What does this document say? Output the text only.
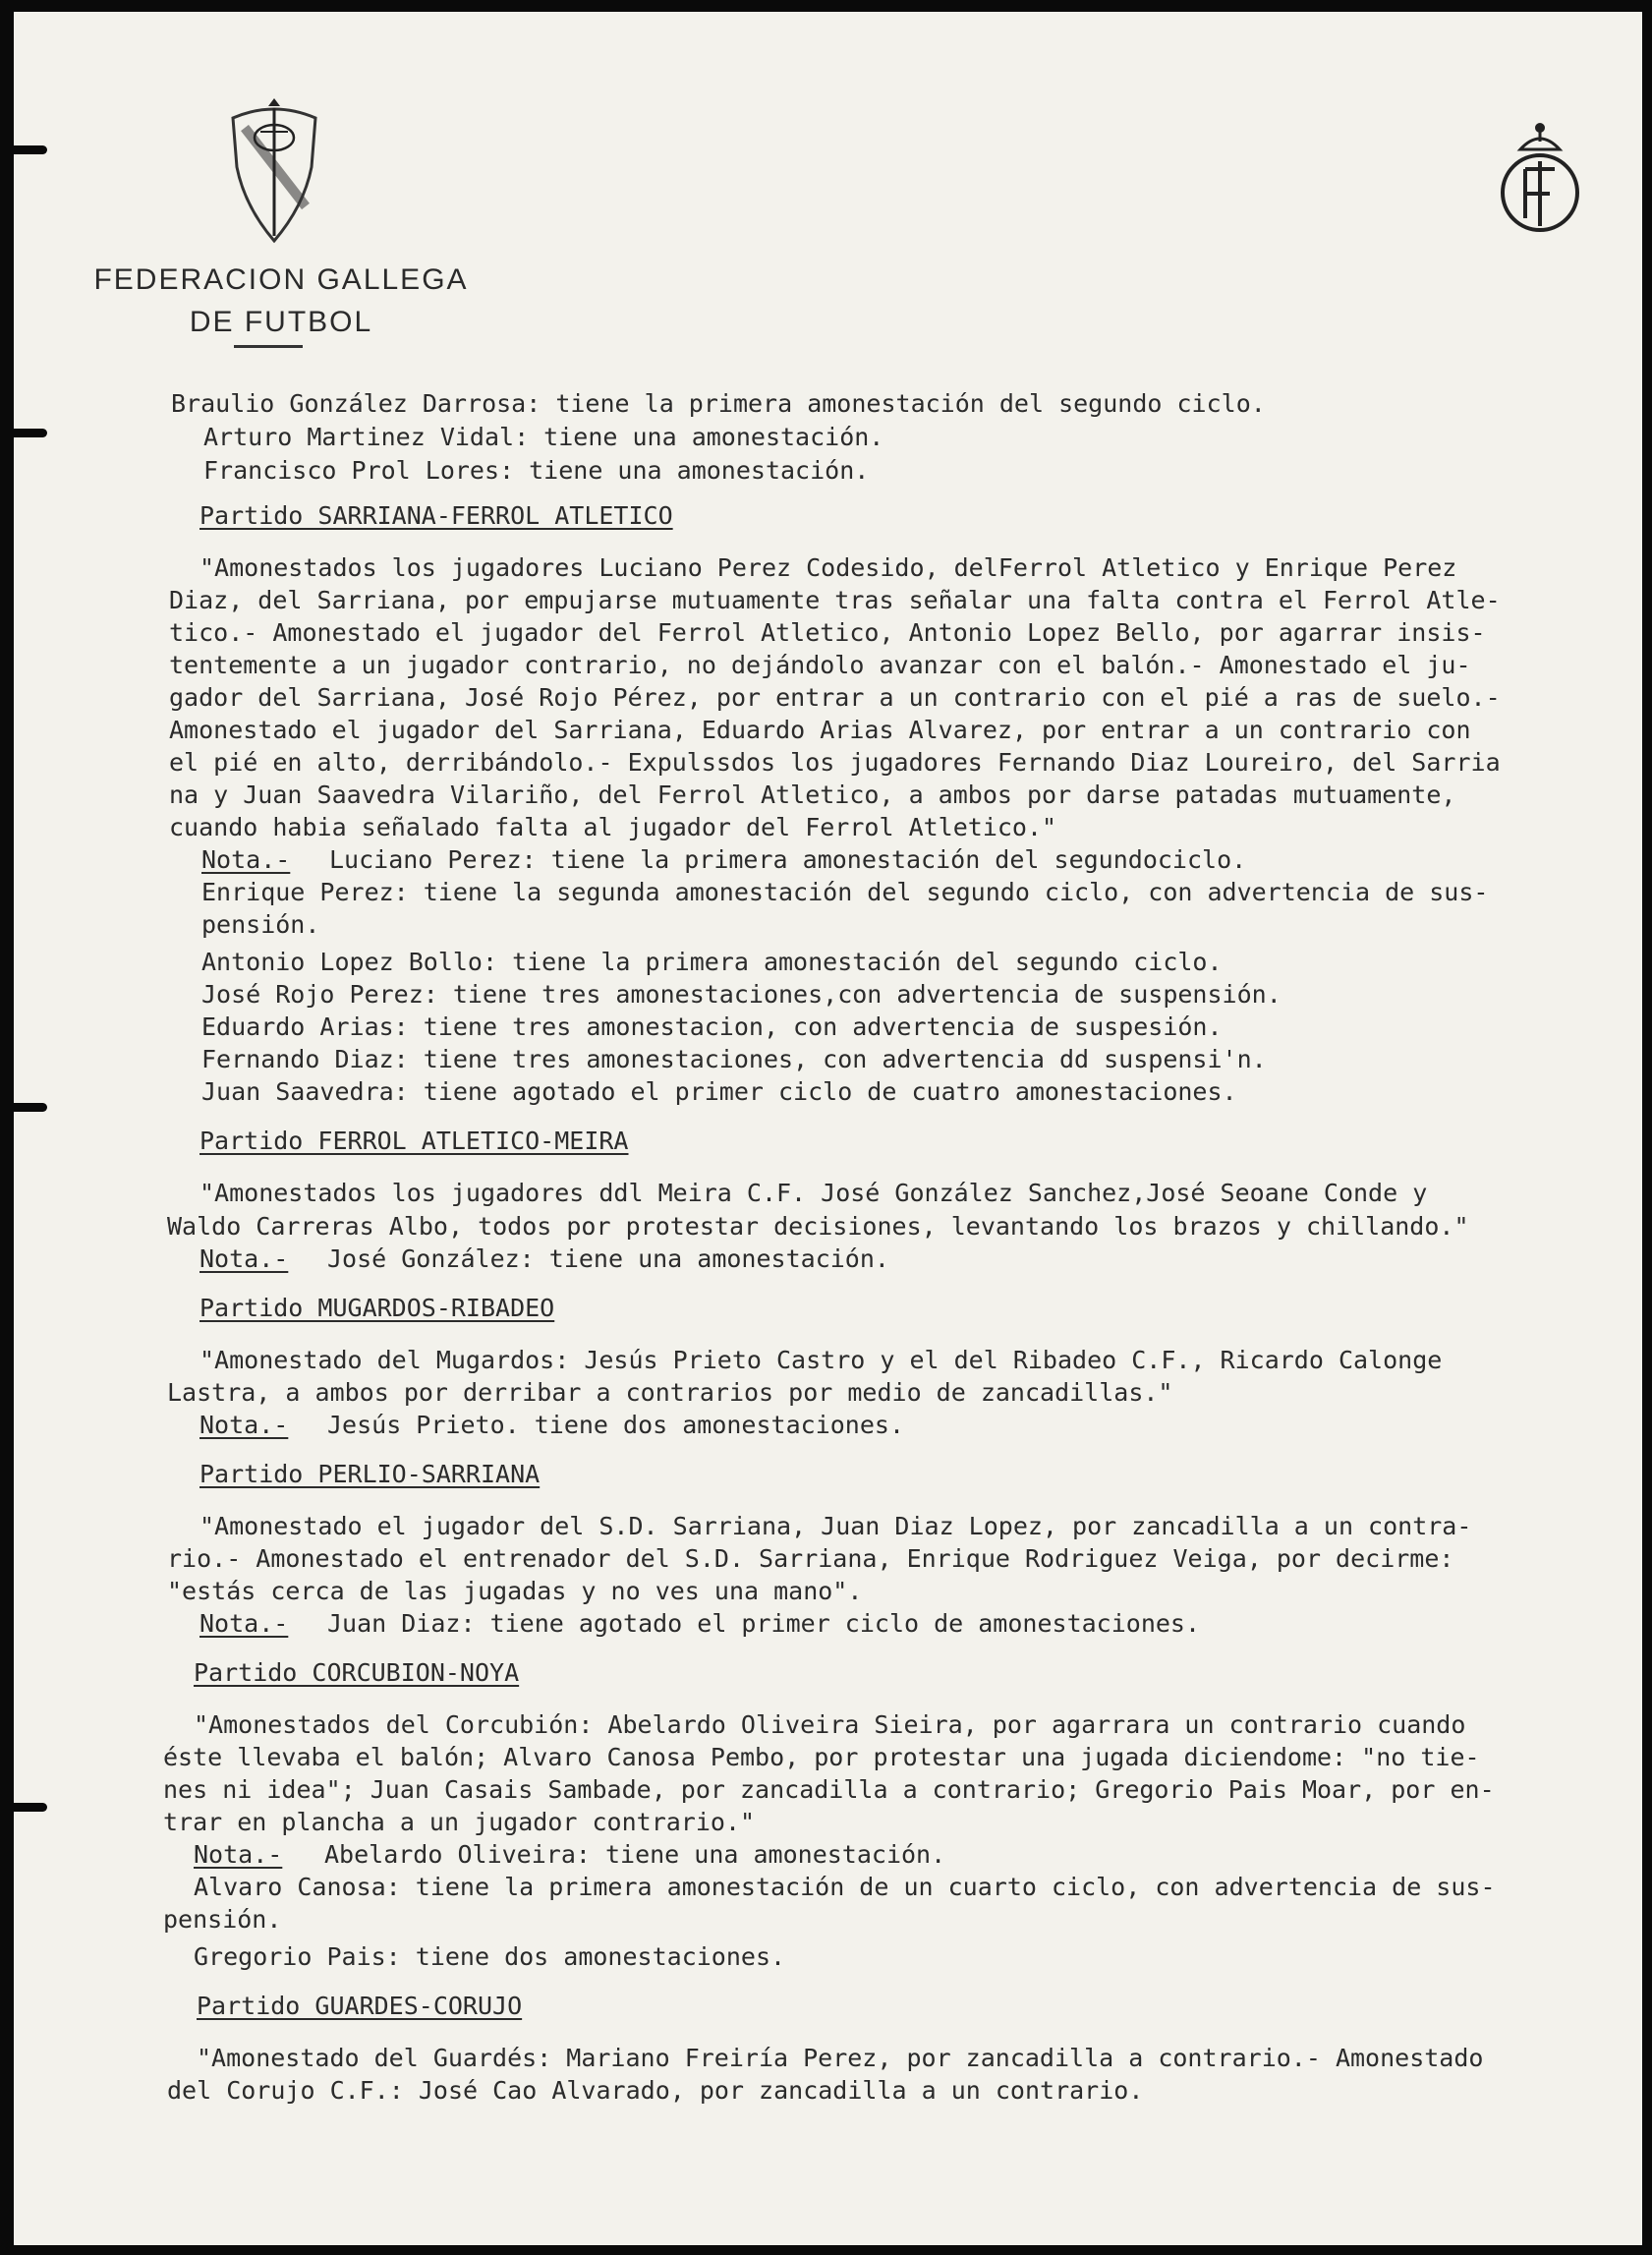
FEDERACION GALLEGA
DE FUTBOL
Braulio González Darrosa: tiene la primera amonestación del segundo ciclo.
Arturo Martinez Vidal: tiene una amonestación.
Francisco Prol Lores: tiene una amonestación.
Partido SARRIANA-FERROL ATLETICO
"Amonestados los jugadores Luciano Perez Codesido, delFerrol Atletico y Enrique Perez
Diaz, del Sarriana, por empujarse mutuamente tras señalar una falta contra el Ferrol Atle-
tico.- Amonestado el jugador del Ferrol Atletico, Antonio Lopez Bello, por agarrar insis-
tentemente a un jugador contrario, no dejándolo avanzar con el balón.- Amonestado el ju-
gador del Sarriana, José Rojo Pérez, por entrar a un contrario con el pié a ras de suelo.-
Amonestado el jugador del Sarriana, Eduardo Arias Alvarez, por entrar a un contrario con
el pié en alto, derribándolo.- Expulssdos los jugadores Fernando Diaz Loureiro, del Sarria
na y Juan Saavedra Vilariño, del Ferrol Atletico, a ambos por darse patadas mutuamente,
cuando habia señalado falta al jugador del Ferrol Atletico."
Nota.- Luciano Perez: tiene la primera amonestación del segundociclo.
Enrique Perez: tiene la segunda amonestación del segundo ciclo, con advertencia de sus-
pensión.
Antonio Lopez Bollo: tiene la primera amonestación del segundo ciclo.
José Rojo Perez: tiene tres amonestaciones,con advertencia de suspensión.
Eduardo Arias: tiene tres amonestacion, con advertencia de suspesión.
Fernando Diaz: tiene tres amonestaciones, con advertencia dd suspensi'n.
Juan Saavedra: tiene agotado el primer ciclo de cuatro amonestaciones.
Partido FERROL ATLETICO-MEIRA
"Amonestados los jugadores ddl Meira C.F. José González Sanchez,José Seoane Conde y
Waldo Carreras Albo, todos por protestar decisiones, levantando los brazos y chillando."
Nota.- José González: tiene una amonestación.
Partido MUGARDOS-RIBADEO
"Amonestado del Mugardos: Jesús Prieto Castro y el del Ribadeo C.F., Ricardo Calonge
Lastra, a ambos por derribar a contrarios por medio de zancadillas."
Nota.- Jesús Prieto. tiene dos amonestaciones.
Partido PERLIO-SARRIANA
"Amonestado el jugador del S.D. Sarriana, Juan Diaz Lopez, por zancadilla a un contra-
rio.- Amonestado el entrenador del S.D. Sarriana, Enrique Rodriguez Veiga, por decirme:
"estás cerca de las jugadas y no ves una mano".
Nota.- Juan Diaz: tiene agotado el primer ciclo de amonestaciones.
Partido CORCUBION-NOYA
"Amonestados del Corcubión: Abelardo Oliveira Sieira, por agarrara un contrario cuando
éste llevaba el balón; Alvaro Canosa Pembo, por protestar una jugada diciendome: "no tie-
nes ni idea"; Juan Casais Sambade, por zancadilla a contrario; Gregorio Pais Moar, por en-
trar en plancha a un jugador contrario."
Nota.- Abelardo Oliveira: tiene una amonestación.
Alvaro Canosa: tiene la primera amonestación de un cuarto ciclo, con advertencia de sus-
pensión.
Gregorio Pais: tiene dos amonestaciones.
Partido GUARDES-CORUJO
"Amonestado del Guardés: Mariano Freiría Perez, por zancadilla a contrario.- Amonestado
del Corujo C.F.: José Cao Alvarado, por zancadilla a un contrario.
